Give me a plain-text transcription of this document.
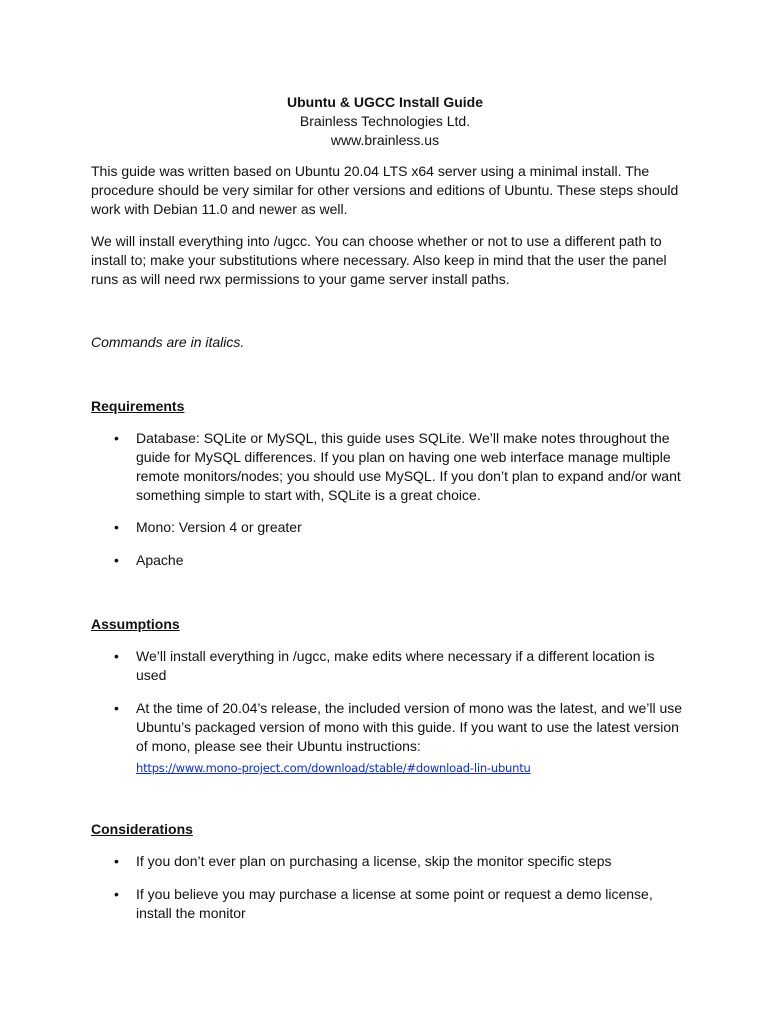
Ubuntu & UGCC Install Guide
Brainless Technologies Ltd.
www.brainless.us

This guide was written based on Ubuntu 20.04 LTS x64 server using a minimal install. The procedure should be very similar for other versions and editions of Ubuntu. These steps should work with Debian 11.0 and newer as well.

We will install everything into /ugcc. You can choose whether or not to use a different path to install to; make your substitutions where necessary. Also keep in mind that the user the panel runs as will need rwx permissions to your game server install paths.

Commands are in italics.

Requirements

• Database: SQLite or MySQL, this guide uses SQLite. We’ll make notes throughout the guide for MySQL differences. If you plan on having one web interface manage multiple remote monitors/nodes; you should use MySQL. If you don’t plan to expand and/or want something simple to start with, SQLite is a great choice.

• Mono: Version 4 or greater

• Apache

Assumptions

• We’ll install everything in /ugcc, make edits where necessary if a different location is used

• At the time of 20.04’s release, the included version of mono was the latest, and we’ll use Ubuntu’s packaged version of mono with this guide. If you want to use the latest version of mono, please see their Ubuntu instructions:
https://www.mono-project.com/download/stable/#download-lin-ubuntu

Considerations

• If you don’t ever plan on purchasing a license, skip the monitor specific steps

• If you believe you may purchase a license at some point or request a demo license, install the monitor
